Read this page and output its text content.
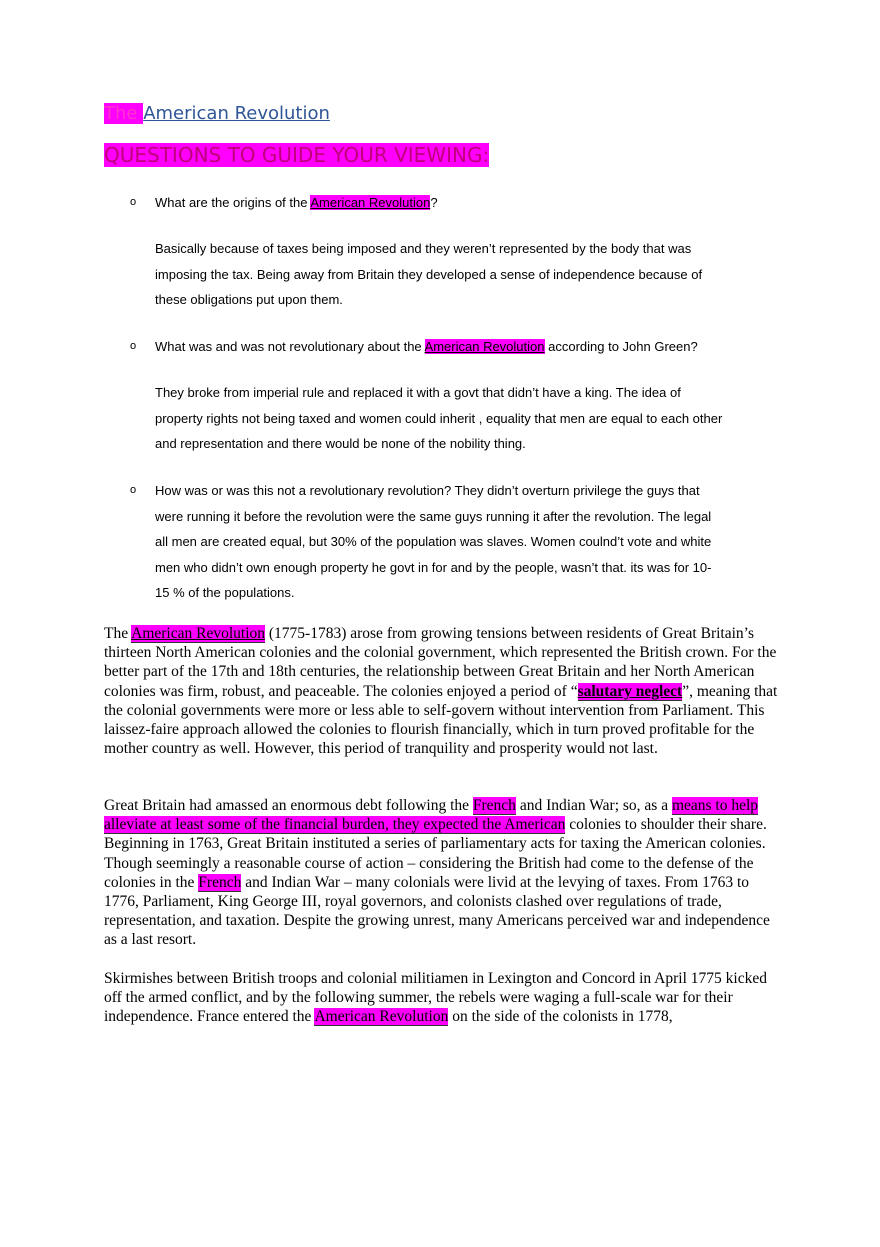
The American Revolution
QUESTIONS TO GUIDE YOUR VIEWING:
o What are the origins of the American Revolution?
Basically because of taxes being imposed and they weren’t represented by the body that was
imposing the tax. Being away from Britain they developed a sense of independence because of
these obligations put upon them.
o What was and was not revolutionary about the American Revolution according to John Green?
They broke from imperial rule and replaced it with a govt that didn’t have a king. The idea of
property rights not being taxed and women could inherit , equality that men are equal to each other
and representation and there would be none of the nobility thing.
o How was or was this not a revolutionary revolution? They didn’t overturn privilege the guys that
were running it before the revolution were the same guys running it after the revolution. The legal
all men are created equal, but 30% of the population was slaves. Women coulnd’t vote and white
men who didn’t own enough property he govt in for and by the people, wasn’t that. its was for 10-
15 % of the populations.
The American Revolution (1775-1783) arose from growing tensions between residents of Great Britain’s thirteen North American colonies and the colonial government, which represented the British crown. For the better part of the 17th and 18th centuries, the relationship between Great Britain and her North American colonies was firm, robust, and peaceable. The colonies enjoyed a period of “salutary neglect”, meaning that the colonial governments were more or less able to self-govern without intervention from Parliament. This laissez-faire approach allowed the colonies to flourish financially, which in turn proved profitable for the mother country as well. However, this period of tranquility and prosperity would not last.
Great Britain had amassed an enormous debt following the French and Indian War; so, as a means to help alleviate at least some of the financial burden, they expected the American colonies to shoulder their share. Beginning in 1763, Great Britain instituted a series of parliamentary acts for taxing the American colonies. Though seemingly a reasonable course of action – considering the British had come to the defense of the colonies in the French and Indian War – many colonials were livid at the levying of taxes. From 1763 to 1776, Parliament, King George III, royal governors, and colonists clashed over regulations of trade, representation, and taxation. Despite the growing unrest, many Americans perceived war and independence as a last resort.
Skirmishes between British troops and colonial militiamen in Lexington and Concord in April 1775 kicked off the armed conflict, and by the following summer, the rebels were waging a full-scale war for their independence. France entered the American Revolution on the side of the colonists in 1778,
